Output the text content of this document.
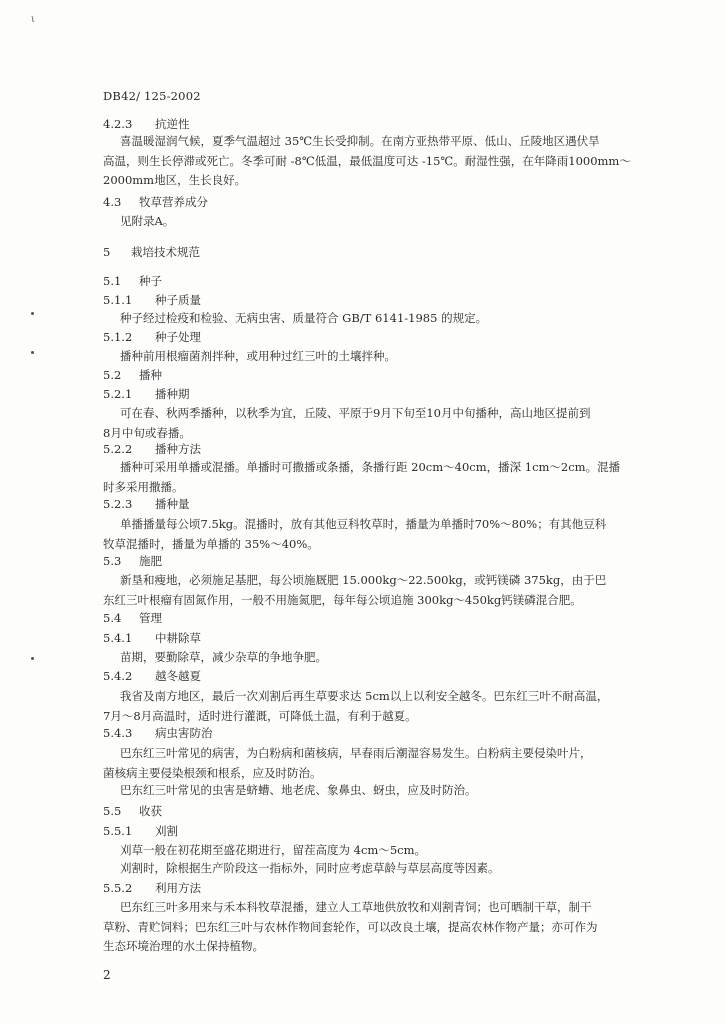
ι
DB42/ 125-2002
4.2.3 抗逆性
喜温暖湿润气候，夏季气温超过 35℃生长受抑制。在南方亚热带平原、低山、丘陵地区遇伏旱
高温，则生长停滞或死亡。冬季可耐 -8℃低温，最低温度可达 -15℃。耐湿性强，在年降雨1000mm～
2000mm地区，生长良好。
4.3 牧草营养成分
见附录A。
5 栽培技术规范
5.1 种子
5.1.1 种子质量
种子经过检疫和检验、无病虫害、质量符合 GB/T 6141-1985 的规定。
5.1.2 种子处理
播种前用根瘤菌剂拌种，或用种过红三叶的土壤拌种。
5.2 播种
5.2.1 播种期
可在春、秋两季播种，以秋季为宜，丘陵、平原于9月下旬至10月中旬播种，高山地区提前到
8月中旬或春播。
5.2.2 播种方法
播种可采用单播或混播。单播时可撒播或条播，条播行距 20cm～40cm，播深 1cm～2cm。混播
时多采用撒播。
5.2.3 播种量
单播播量每公顷7.5kg。混播时，放有其他豆科牧草时，播量为单播时70%～80%；有其他豆科
牧草混播时，播量为单播的 35%～40%。
5.3 施肥
新垦和瘦地，必须施足基肥，每公顷施厩肥 15.000kg～22.500kg，或钙镁磷 375kg，由于巴
东红三叶根瘤有固氮作用，一般不用施氮肥，每年每公顷追施 300kg～450kg钙镁磷混合肥。
5.4 管理
5.4.1 中耕除草
苗期，要勤除草，减少杂草的争地争肥。
5.4.2 越冬越夏
我省及南方地区，最后一次刈割后再生草要求达 5cm以上以利安全越冬。巴东红三叶不耐高温，
7月～8月高温时，适时进行灌溉，可降低土温，有利于越夏。
5.4.3 病虫害防治
巴东红三叶常见的病害，为白粉病和菌核病，早春雨后潮湿容易发生。白粉病主要侵染叶片，
菌核病主要侵染根颈和根系，应及时防治。
巴东红三叶常见的虫害是蛴螬、地老虎、象鼻虫、蚜虫，应及时防治。
5.5 收获
5.5.1 刈割
刈草一般在初花期至盛花期进行，留茬高度为 4cm～5cm。
刈割时，除根据生产阶段这一指标外，同时应考虑草龄与草层高度等因素。
5.5.2 利用方法
巴东红三叶多用来与禾本科牧草混播，建立人工草地供放牧和刈割青饲；也可晒制干草，制干
草粉、青贮饲料；巴东红三叶与农林作物间套轮作，可以改良土壤，提高农林作物产量；亦可作为
生态环境治理的水土保持植物。
2
